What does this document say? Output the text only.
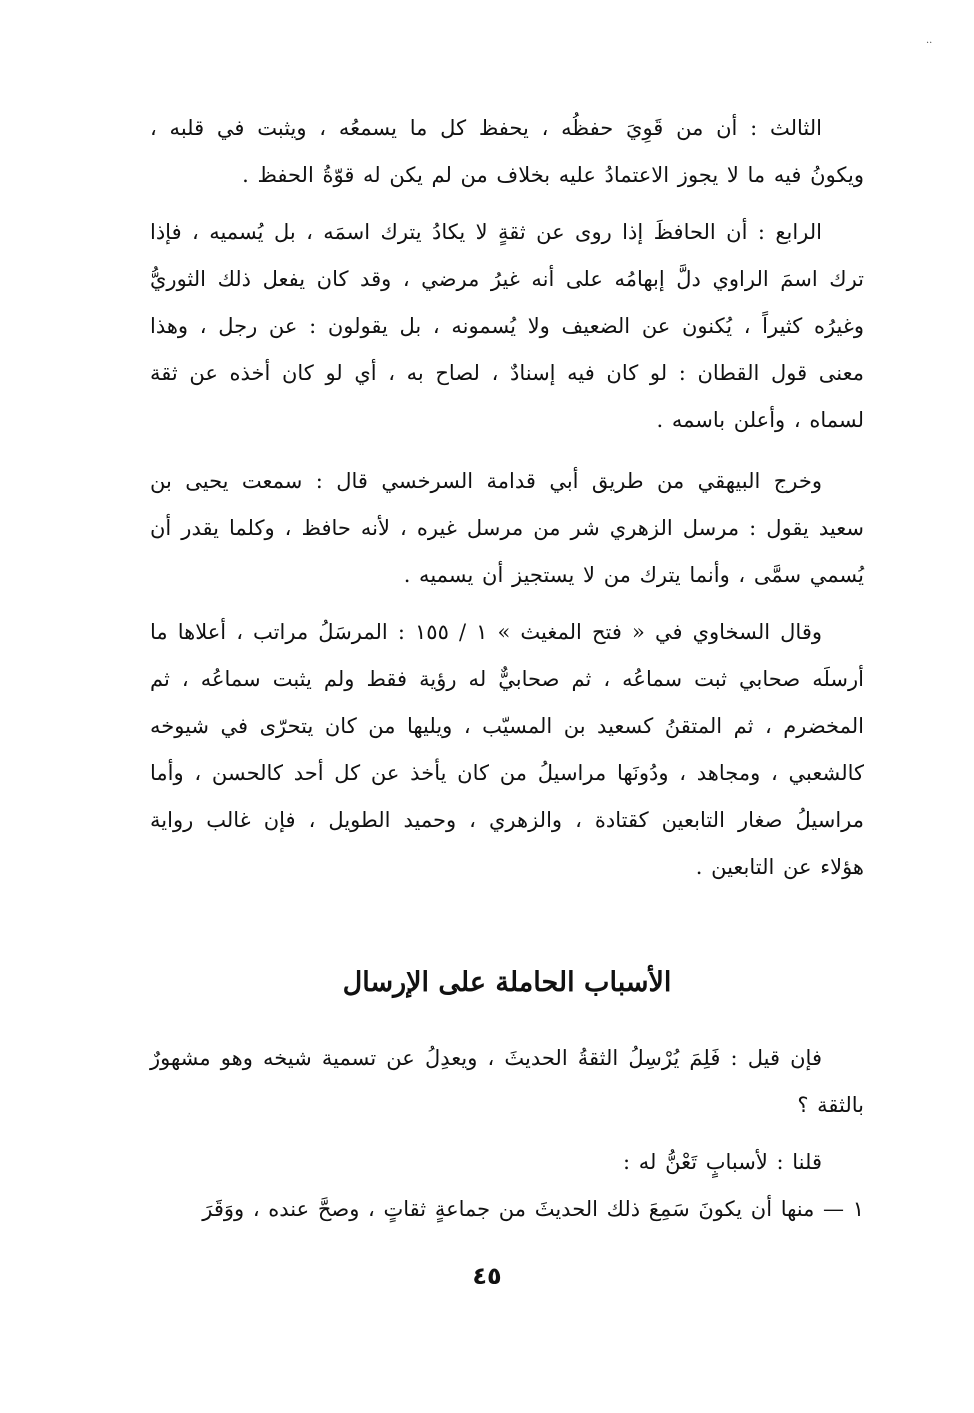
··

الثالث : أن من قَوِيَ حفظُه ، يحفظ كل ما يسمعُه ، ويثبت في قلبه ، ويكونُ فيه ما لا يجوز الاعتمادُ عليه بخلاف من لم يكن له قوّةُ الحفظ .

الرابع : أن الحافظَ إذا روى عن ثقةٍ لا يكادُ يترك اسمَه ، بل يُسميه ، فإذا ترك اسمَ الراوي دلَّ إبهامُه على أنه غيرُ مرضي ، وقد كان يفعل ذلك الثوريُّ وغيرُه كثيراً ، يُكنون عن الضعيف ولا يُسمونه ، بل يقولون : عن رجل ، وهذا معنى قول القطان : لو كان فيه إسنادٌ ، لصاح به ، أي لو كان أخذه عن ثقة لسماه ، وأعلن باسمه .

وخرج البيهقي من طريق أبي قدامة السرخسي قال : سمعت يحيى بن سعيد يقول : مرسل الزهري شر من مرسل غيره ، لأنه حافظ ، وكلما يقدر أن يُسمي سمَّى ، وأنما يترك من لا يستجيز أن يسميه .

وقال السخاوي في « فتح المغيث » ١ / ١٥٥ : المرسَلُ مراتب ، أعلاها ما أرسلَه صحابي ثبت سماعُه ، ثم صحابيٌّ له رؤية فقط ولم يثبت سماعُه ، ثم المخضرم ، ثم المتقنُ كسعيد بن المسيّب ، ويليها من كان يتحرّى في شيوخه كالشعبي ، ومجاهد ، ودُونَها مراسيلُ من كان يأخذ عن كل أحد كالحسن ، وأما مراسيلُ صغار التابعين كقتادة ، والزهري ، وحميد الطويل ، فإن غالب رواية هؤلاء عن التابعين .

الأسباب الحاملة على الإرسال

فإن قيل : فَلِمَ يُرْسِلُ الثقةُ الحديثَ ، ويعدِلُ عن تسمية شيخه وهو مشهورٌ بالثقة ؟

قلنا : لأسبابٍ تَعْنُّ له :

١ — منها أن يكونَ سَمِعَ ذلك الحديثَ من جماعةٍ ثقاتٍ ، وصحَّ عنده ، ووَقَرَ

٤٥
